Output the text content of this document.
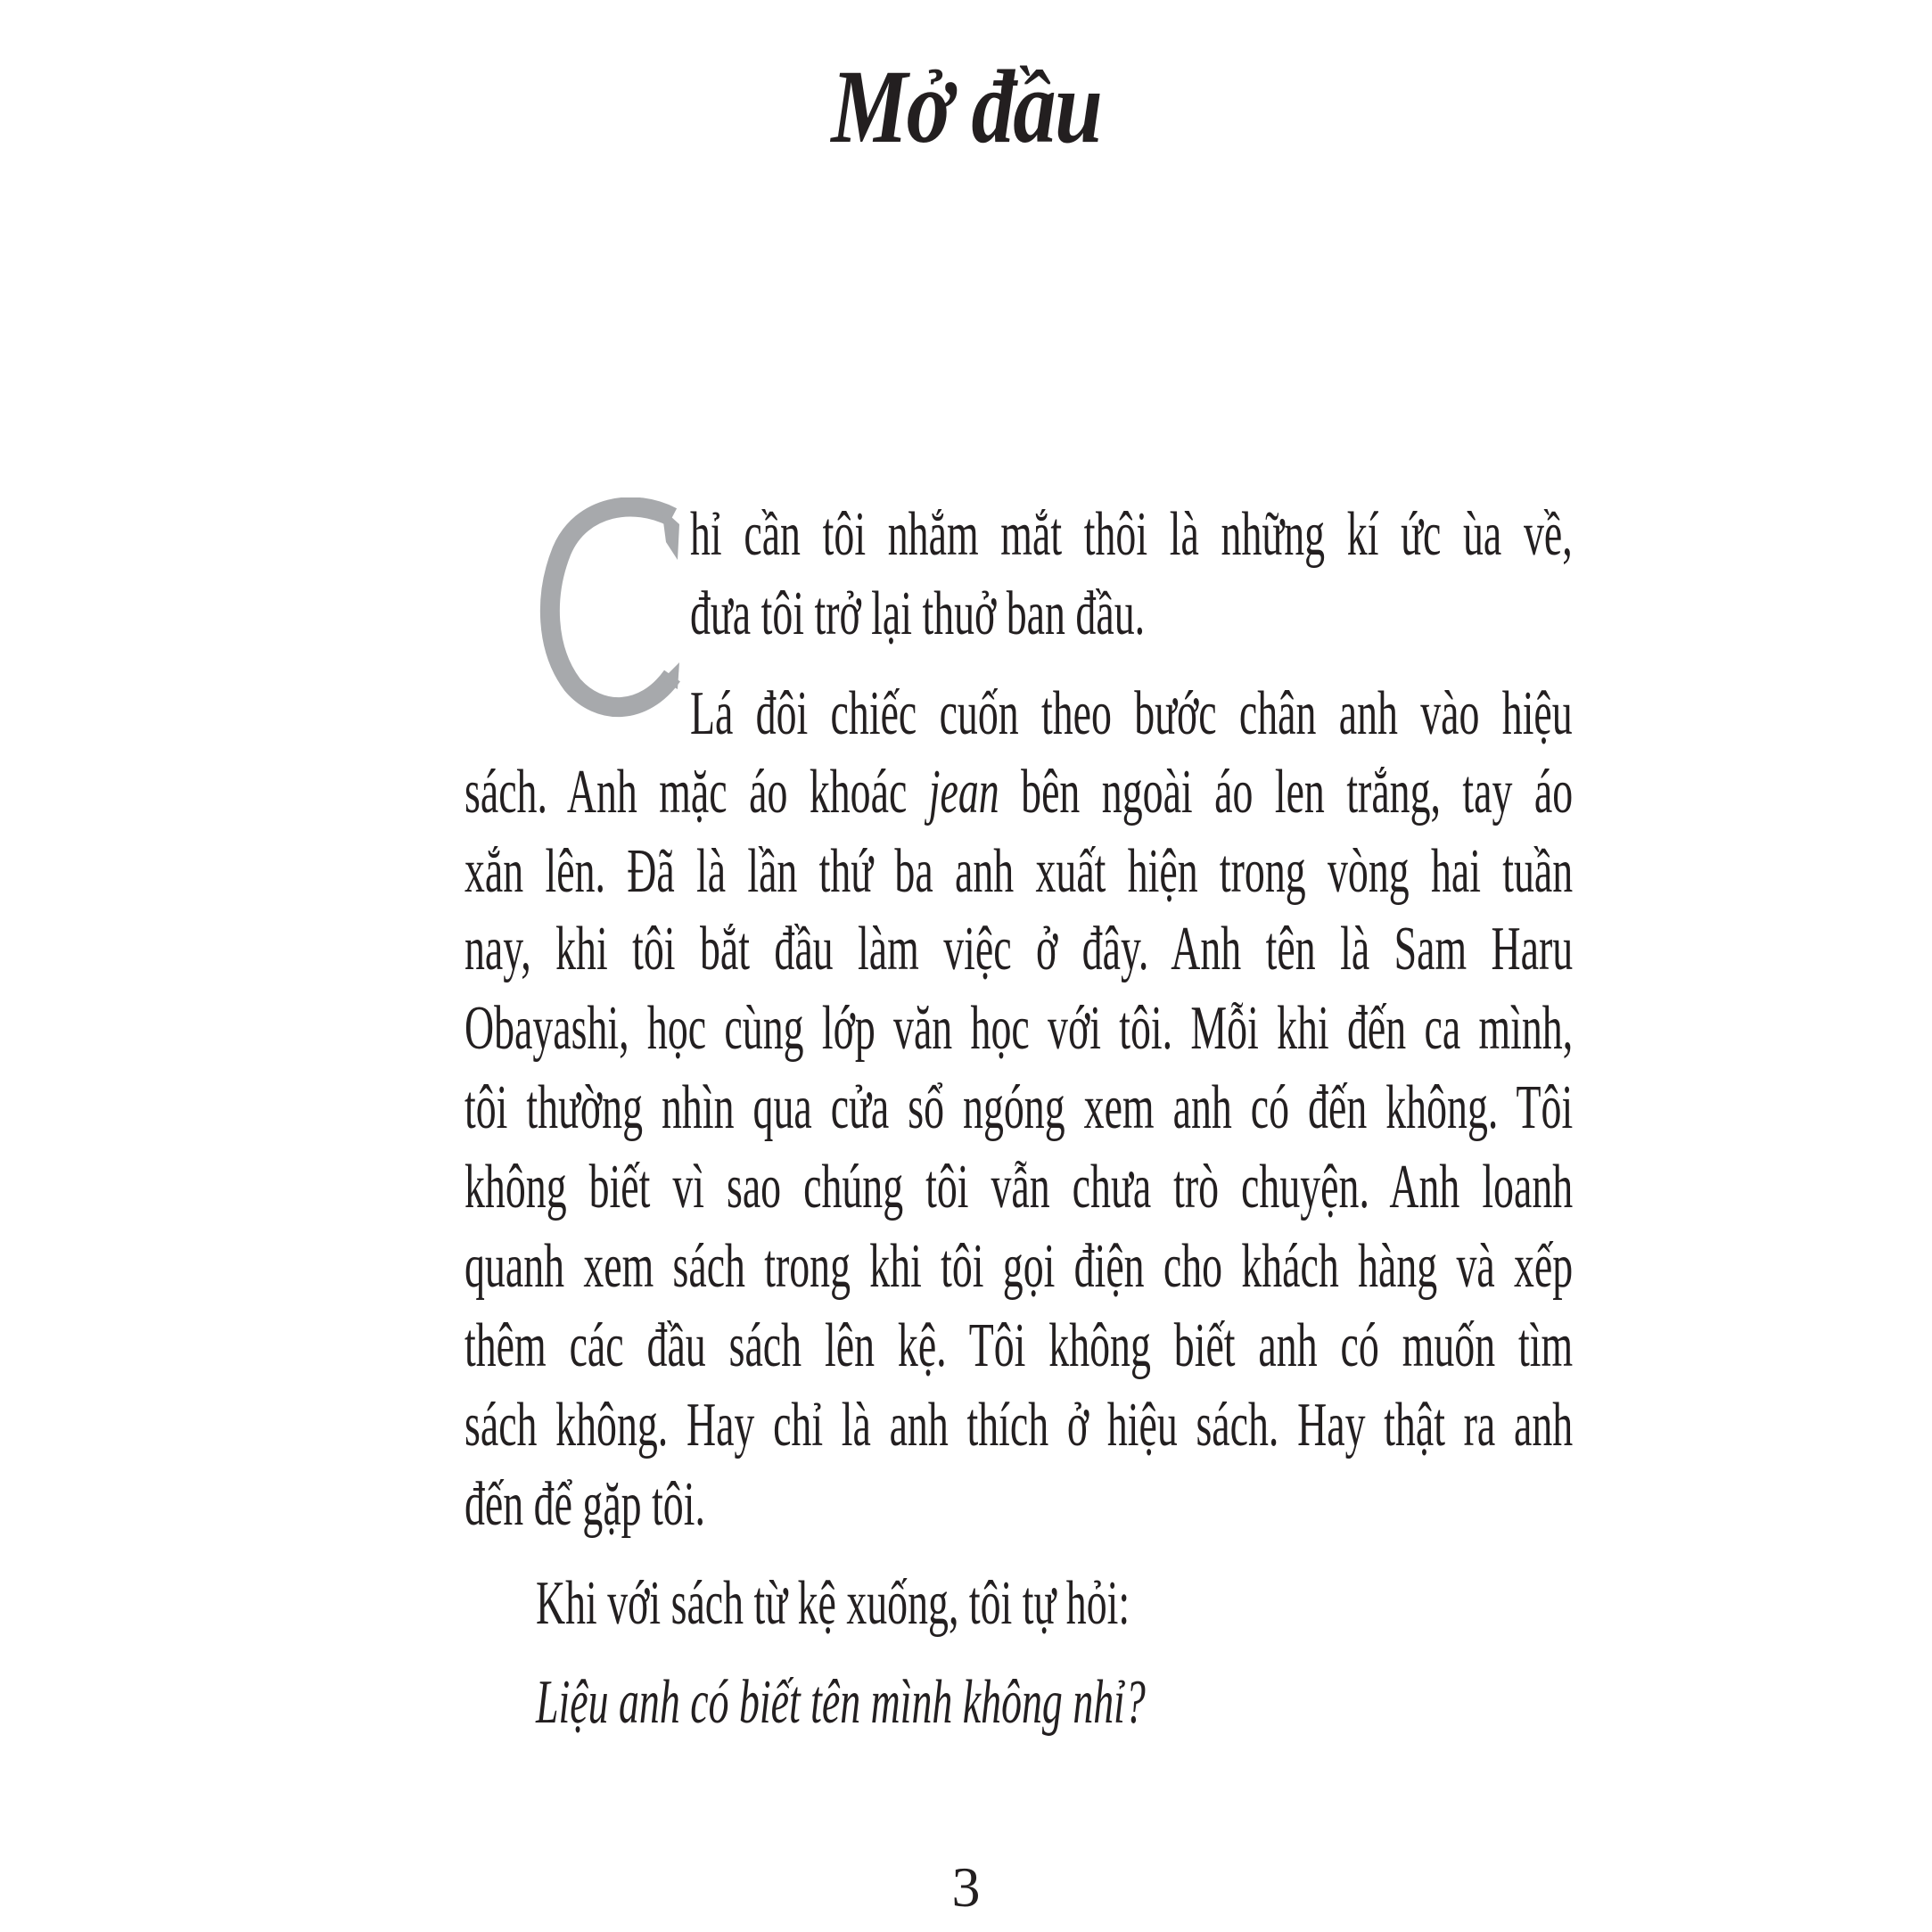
Mở đầu
hỉ cần tôi nhắm mắt thôi là những kí ức ùa về,
đưa tôi trở lại thuở ban đầu.
Lá đôi chiếc cuốn theo bước chân anh vào hiệu
sách. Anh mặc áo khoác jean bên ngoài áo len trắng, tay áo
xắn lên. Đã là lần thứ ba anh xuất hiện trong vòng hai tuần
nay, khi tôi bắt đầu làm việc ở đây. Anh tên là Sam Haru
Obayashi, học cùng lớp văn học với tôi. Mỗi khi đến ca mình,
tôi thường nhìn qua cửa sổ ngóng xem anh có đến không. Tôi
không biết vì sao chúng tôi vẫn chưa trò chuyện. Anh loanh
quanh xem sách trong khi tôi gọi điện cho khách hàng và xếp
thêm các đầu sách lên kệ. Tôi không biết anh có muốn tìm
sách không. Hay chỉ là anh thích ở hiệu sách. Hay thật ra anh
đến để gặp tôi.
Khi với sách từ kệ xuống, tôi tự hỏi:
Liệu anh có biết tên mình không nhỉ?
3
